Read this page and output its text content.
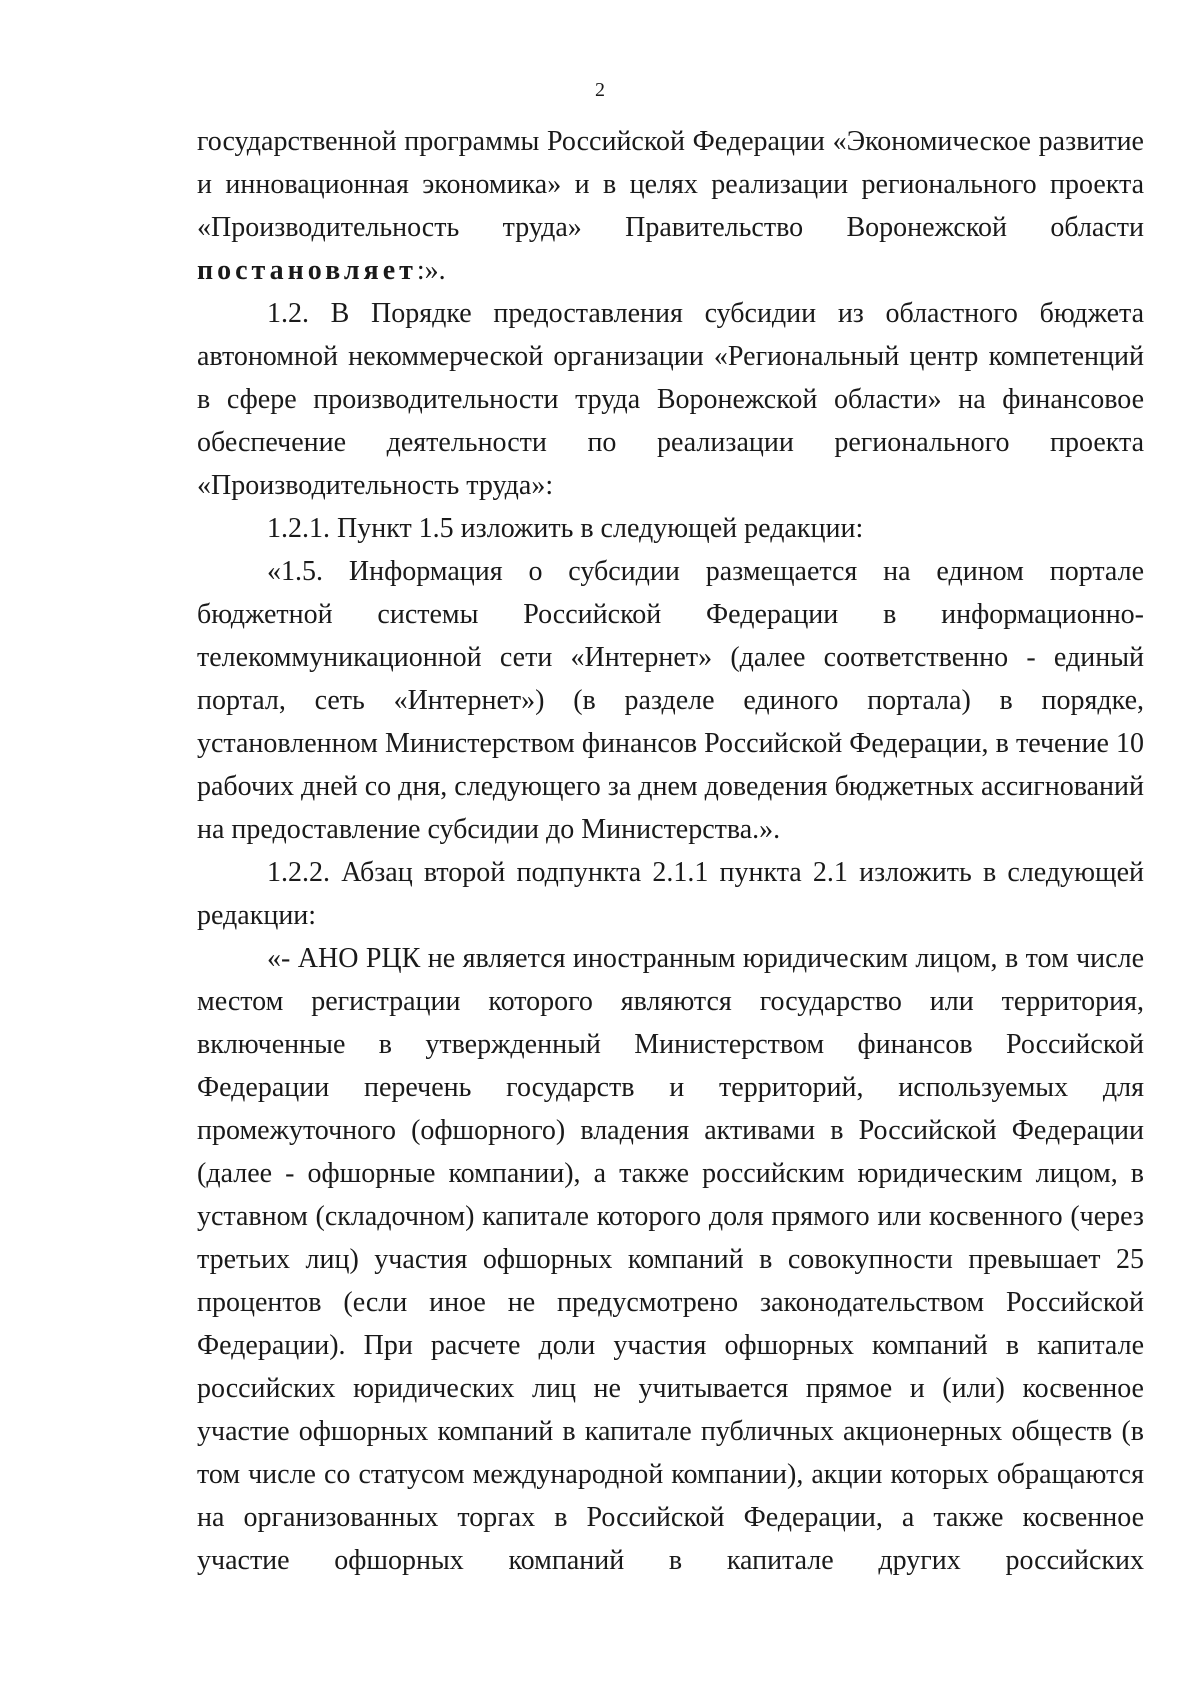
2

государственной программы Российской Федерации «Экономическое развитие и инновационная экономика» и в целях реализации регионального проекта «Производительность труда» Правительство Воронежской области постановляет:».

1.2. В Порядке предоставления субсидии из областного бюджета автономной некоммерческой организации «Региональный центр компетенций в сфере производительности труда Воронежской области» на финансовое обеспечение деятельности по реализации регионального проекта «Производительность труда»:

1.2.1. Пункт 1.5 изложить в следующей редакции:

«1.5. Информация о субсидии размещается на едином портале бюджетной системы Российской Федерации в информационно-телекоммуникационной сети «Интернет» (далее соответственно - единый портал, сеть «Интернет») (в разделе единого портала) в порядке, установленном Министерством финансов Российской Федерации, в течение 10 рабочих дней со дня, следующего за днем доведения бюджетных ассигнований на предоставление субсидии до Министерства.».

1.2.2. Абзац второй подпункта 2.1.1 пункта 2.1 изложить в следующей редакции:

«- АНО РЦК не является иностранным юридическим лицом, в том числе местом регистрации которого являются государство или территория, включенные в утвержденный Министерством финансов Российской Федерации перечень государств и территорий, используемых для промежуточного (офшорного) владения активами в Российской Федерации (далее - офшорные компании), а также российским юридическим лицом, в уставном (складочном) капитале которого доля прямого или косвенного (через третьих лиц) участия офшорных компаний в совокупности превышает 25 процентов (если иное не предусмотрено законодательством Российской Федерации). При расчете доли участия офшорных компаний в капитале российских юридических лиц не учитывается прямое и (или) косвенное участие офшорных компаний в капитале публичных акционерных обществ (в том числе со статусом международной компании), акции которых обращаются на организованных торгах в Российской Федерации, а также косвенное участие офшорных компаний в капитале других российских
